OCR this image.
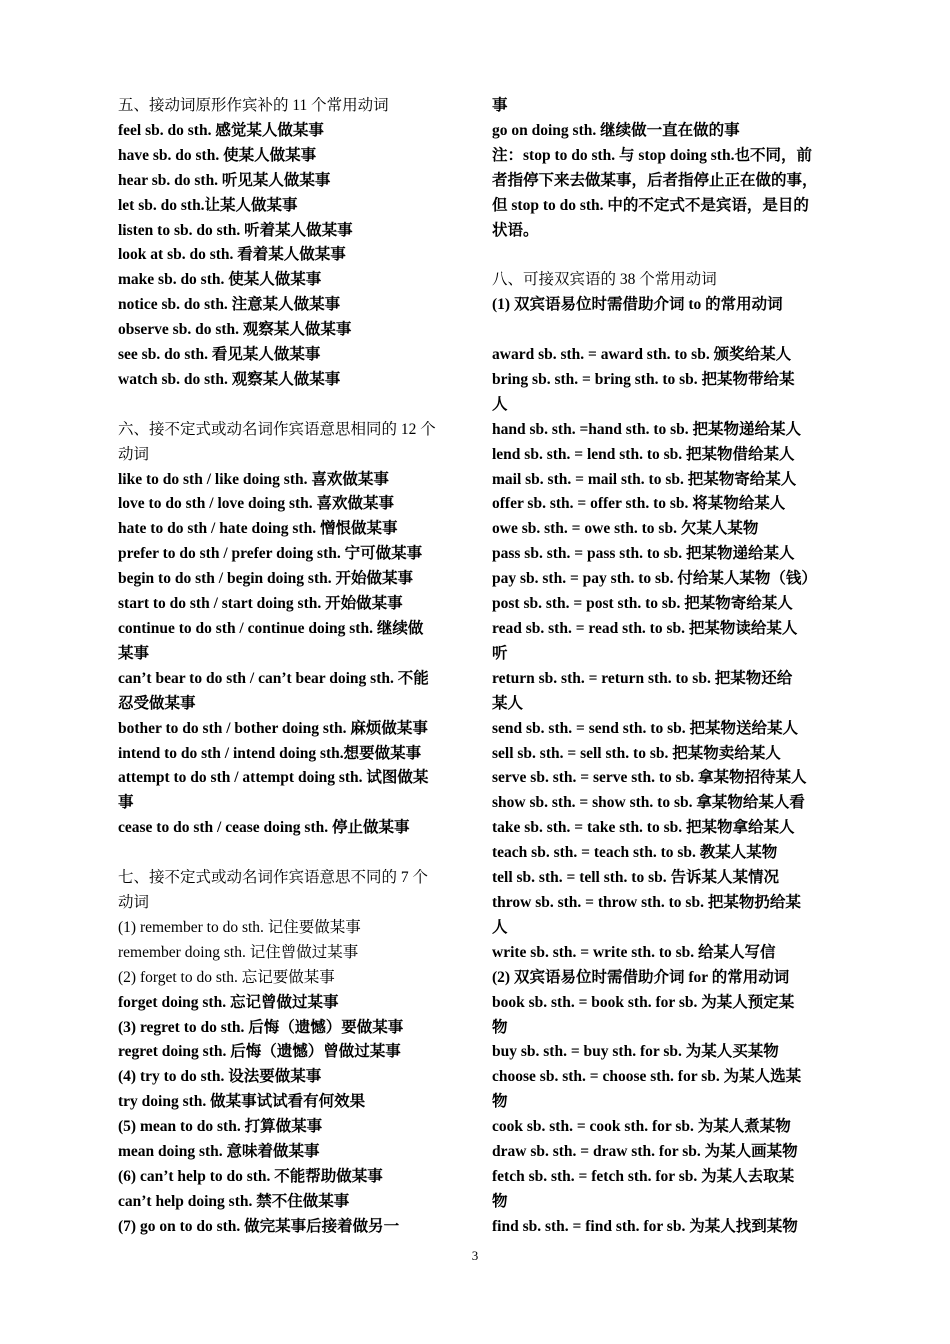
五、接动词原形作宾补的 11 个常用动词
feel sb. do sth. 感觉某人做某事
have sb. do sth. 使某人做某事
hear sb. do sth. 听见某人做某事
let sb. do sth.让某人做某事
listen to sb. do sth. 听着某人做某事
look at sb. do sth. 看着某人做某事
make sb. do sth. 使某人做某事
notice sb. do sth. 注意某人做某事
observe sb. do sth. 观察某人做某事
see sb. do sth. 看见某人做某事
watch sb. do sth. 观察某人做某事
六、接不定式或动名词作宾语意思相同的 12 个
动词
like to do sth / like doing sth. 喜欢做某事
love to do sth / love doing sth. 喜欢做某事
hate to do sth / hate doing sth. 憎恨做某事
prefer to do sth / prefer doing sth. 宁可做某事
begin to do sth / begin doing sth. 开始做某事
start to do sth / start doing sth. 开始做某事
continue to do sth / continue doing sth. 继续做
某事
can’t bear to do sth / can’t bear doing sth. 不能
忍受做某事
bother to do sth / bother doing sth. 麻烦做某事
intend to do sth / intend doing sth.想要做某事
attempt to do sth / attempt doing sth. 试图做某
事
cease to do sth / cease doing sth. 停止做某事
七、接不定式或动名词作宾语意思不同的 7 个
动词
(1) remember to do sth. 记住要做某事
remember doing sth. 记住曾做过某事
(2) forget to do sth. 忘记要做某事
forget doing sth. 忘记曾做过某事
(3) regret to do sth. 后悔（遗憾）要做某事
regret doing sth. 后悔（遗憾）曾做过某事
(4) try to do sth. 设法要做某事
try doing sth. 做某事试试看有何效果
(5) mean to do sth. 打算做某事
mean doing sth. 意味着做某事
(6) can’t help to do sth. 不能帮助做某事
can’t help doing sth. 禁不住做某事
(7) go on to do sth. 做完某事后接着做另一
事
go on doing sth. 继续做一直在做的事
注：stop to do sth. 与 stop doing sth.也不同，前
者指停下来去做某事，后者指停止正在做的事，
但 stop to do sth. 中的不定式不是宾语，是目的
状语。
八、可接双宾语的 38 个常用动词
(1) 双宾语易位时需借助介词 to 的常用动词
award sb. sth. = award sth. to sb. 颁奖给某人
bring sb. sth. = bring sth. to sb. 把某物带给某
人
hand sb. sth. =hand sth. to sb. 把某物递给某人
lend sb. sth. = lend sth. to sb. 把某物借给某人
mail sb. sth. = mail sth. to sb. 把某物寄给某人
offer sb. sth. = offer sth. to sb. 将某物给某人
owe sb. sth. = owe sth. to sb. 欠某人某物
pass sb. sth. = pass sth. to sb. 把某物递给某人
pay sb. sth. = pay sth. to sb. 付给某人某物（钱）
post sb. sth. = post sth. to sb. 把某物寄给某人
read sb. sth. = read sth. to sb. 把某物读给某人
听
return sb. sth. = return sth. to sb. 把某物还给
某人
send sb. sth. = send sth. to sb. 把某物送给某人
sell sb. sth. = sell sth. to sb. 把某物卖给某人
serve sb. sth. = serve sth. to sb. 拿某物招待某人
show sb. sth. = show sth. to sb. 拿某物给某人看
take sb. sth. = take sth. to sb. 把某物拿给某人
teach sb. sth. = teach sth. to sb. 教某人某物
tell sb. sth. = tell sth. to sb. 告诉某人某情况
throw sb. sth. = throw sth. to sb. 把某物扔给某
人
write sb. sth. = write sth. to sb. 给某人写信
(2) 双宾语易位时需借助介词 for 的常用动词
book sb. sth. = book sth. for sb. 为某人预定某
物
buy sb. sth. = buy sth. for sb. 为某人买某物
choose sb. sth. = choose sth. for sb. 为某人选某
物
cook sb. sth. = cook sth. for sb. 为某人煮某物
draw sb. sth. = draw sth. for sb. 为某人画某物
fetch sb. sth. = fetch sth. for sb. 为某人去取某
物
find sb. sth. = find sth. for sb. 为某人找到某物
3
